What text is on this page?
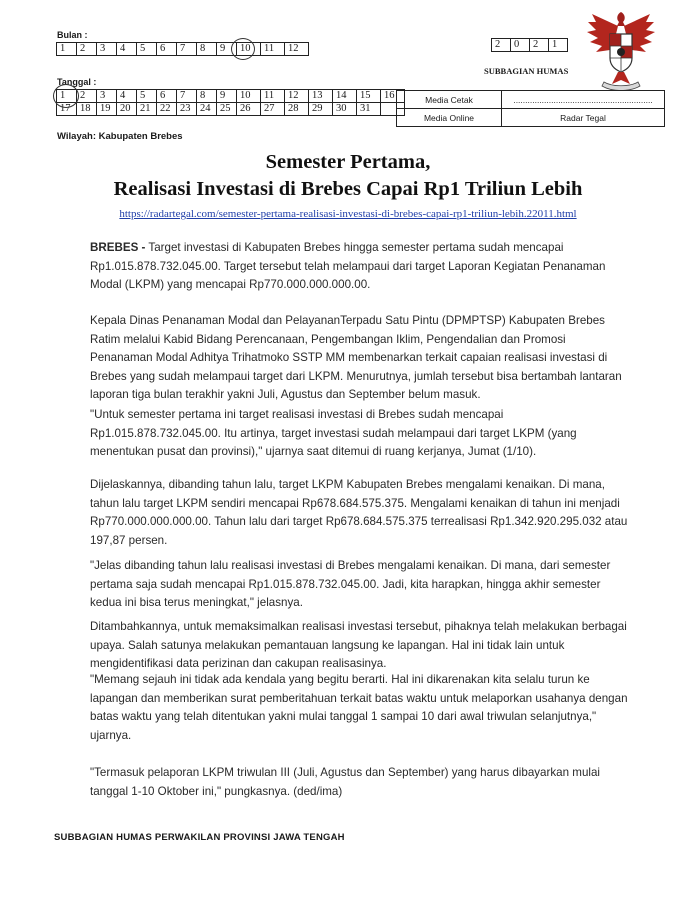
Bulan :
1	2	3	4	5	6	7	8	9	10	11	12
Tanggal :
1	2	3	4	5	6	7	8	9	10	11	12	13	14	15	16
17	18	19	20	21	22	23	24	25	26	27	28	29	30	31	
2	0	2	1
SUBBAGIAN HUMAS
Media Cetak	...........................................................
Media Online	Radar Tegal
Wilayah: Kabupaten Brebes
Semester Pertama,
Realisasi Investasi di Brebes Capai Rp1 Triliun Lebih
https://radartegal.com/semester-pertama-realisasi-investasi-di-brebes-capai-rp1-triliun-lebih.22011.html

BREBES - Target investasi di Kabupaten Brebes hingga semester pertama sudah mencapai Rp1.015.878.732.045.00. Target tersebut telah melampaui dari target Laporan Kegiatan Penanaman Modal (LKPM) yang mencapai Rp770.000.000.000.00.

Kepala Dinas Penanaman Modal dan PelayananTerpadu Satu Pintu (DPMPTSP) Kabupaten Brebes Ratim melalui Kabid Bidang Perencanaan, Pengembangan Iklim, Pengendalian dan Promosi Penanaman Modal Adhitya Trihatmoko SSTP MM membenarkan terkait capaian realisasi investasi di Brebes yang sudah melampaui target dari LKPM. Menurutnya, jumlah tersebut bisa bertambah lantaran laporan tiga bulan terakhir yakni Juli, Agustus dan September belum masuk.
"Untuk semester pertama ini target realisasi investasi di Brebes sudah mencapai Rp1.015.878.732.045.00. Itu artinya, target investasi sudah melampaui dari target LKPM (yang menentukan pusat dan provinsi)," ujarnya saat ditemui di ruang kerjanya, Jumat (1/10).
Dijelaskannya, dibanding tahun lalu, target LKPM Kabupaten Brebes mengalami kenaikan. Di mana, tahun lalu target LKPM sendiri mencapai Rp678.684.575.375. Mengalami kenaikan di tahun ini menjadi Rp770.000.000.000.00. Tahun lalu dari target Rp678.684.575.375 terrealisasi Rp1.342.920.295.032 atau 197,87 persen.
"Jelas dibanding tahun lalu realisasi investasi di Brebes mengalami kenaikan. Di mana, dari semester pertama saja sudah mencapai Rp1.015.878.732.045.00. Jadi, kita harapkan, hingga akhir semester kedua ini bisa terus meningkat," jelasnya.
Ditambahkannya, untuk memaksimalkan realisasi investasi tersebut, pihaknya telah melakukan berbagai upaya. Salah satunya melakukan pemantauan langsung ke lapangan. Hal ini tidak lain untuk mengidentifikasi data perizinan dan cakupan realisasinya.
"Memang sejauh ini tidak ada kendala yang begitu berarti. Hal ini dikarenakan kita selalu turun ke lapangan dan memberikan surat pemberitahuan terkait batas waktu untuk melaporkan usahanya dengan batas waktu yang telah ditentukan yakni mulai tanggal 1 sampai 10 dari awal triwulan selanjutnya," ujarnya.
"Termasuk pelaporan LKPM triwulan III (Juli, Agustus dan September) yang harus dibayarkan mulai tanggal 1-10 Oktober ini," pungkasnya. (ded/ima)
SUBBAGIAN HUMAS PERWAKILAN PROVINSI JAWA TENGAH
